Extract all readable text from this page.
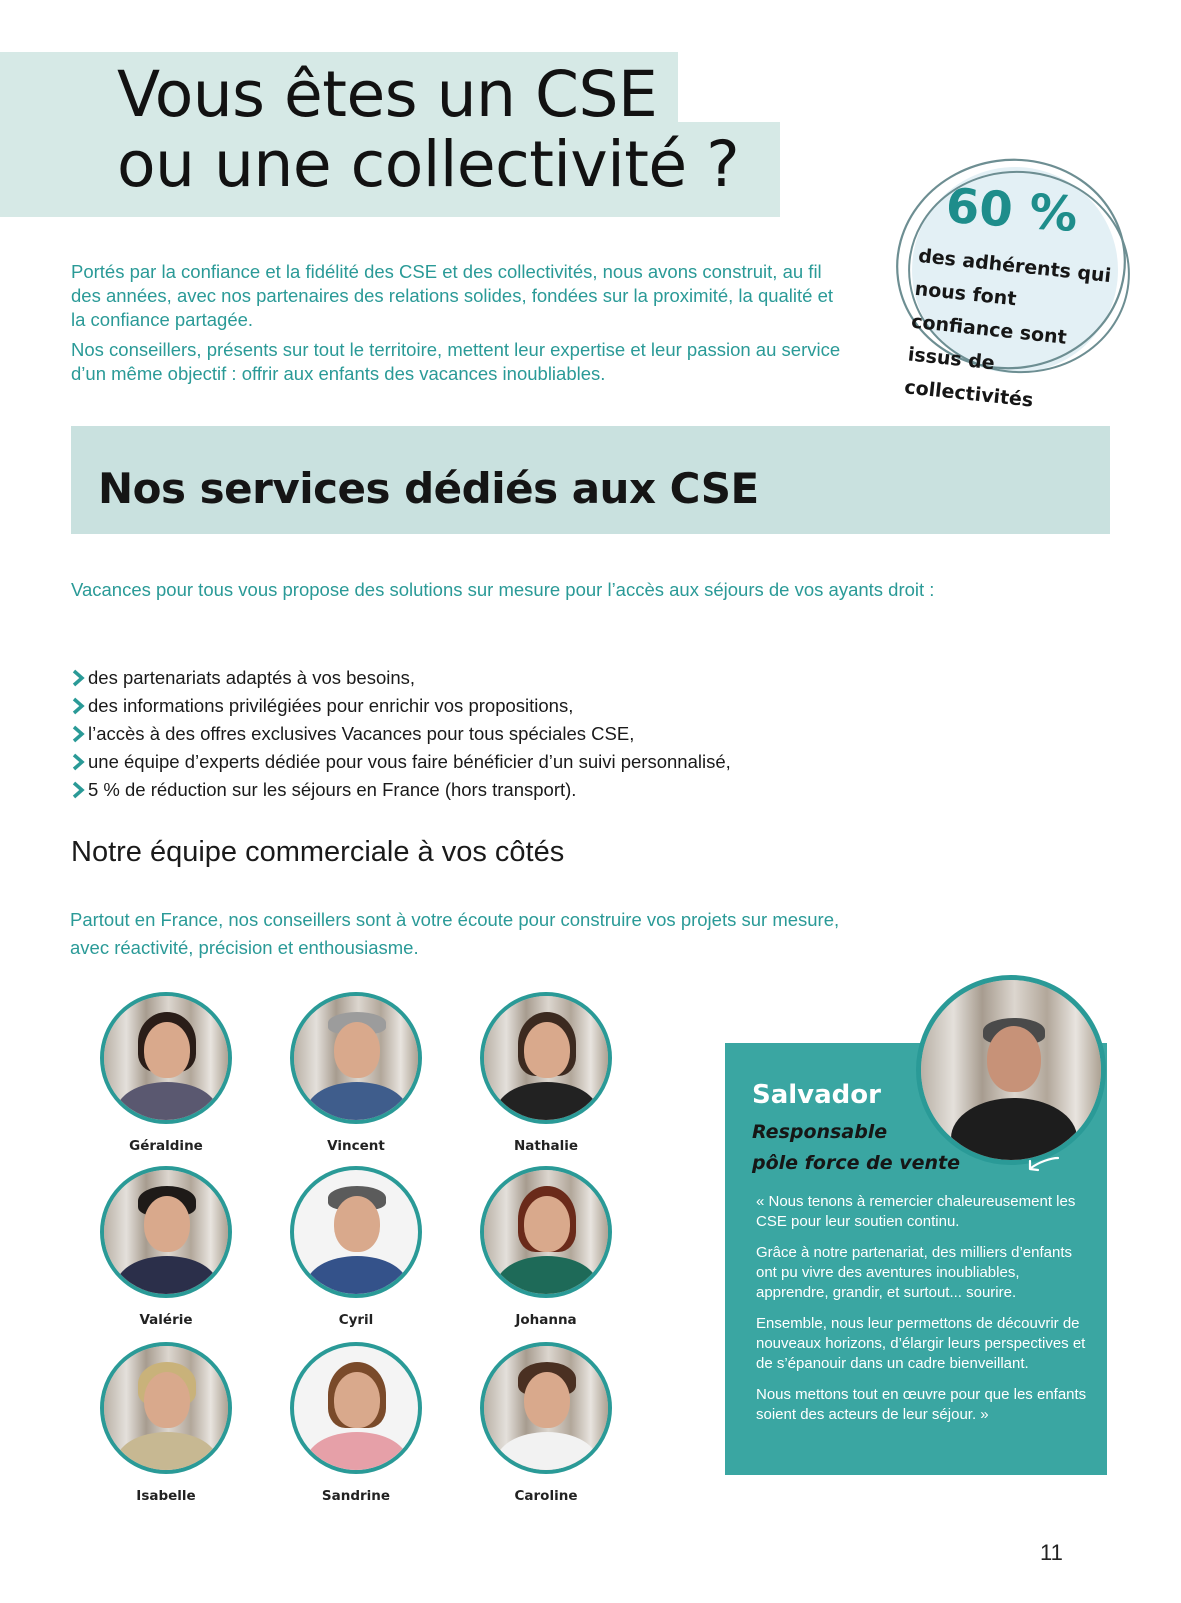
Vous êtes un CSE
ou une collectivité ?

Portés par la confiance et la fidélité des CSE et des collectivités, nous avons construit, au fil des années, avec nos partenaires des relations solides, fondées sur la proximité, la qualité et la confiance partagée.

Nos conseillers, présents sur tout le territoire, mettent leur expertise et leur passion au service d’un même objectif : offrir aux enfants des vacances inoubliables.

60 %
des adhérents qui nous font confiance sont issus de collectivités
Nos services dédiés aux CSE
Vacances pour tous vous propose des solutions sur mesure pour l’accès aux séjours de vos ayants droit :
des partenariats adaptés à vos besoins,
des informations privilégiées pour enrichir vos propositions,
l’accès à des offres exclusives Vacances pour tous spéciales CSE,
une équipe d’experts dédiée pour vous faire bénéficier d’un suivi personnalisé,
5 % de réduction sur les séjours en France (hors transport).
Notre équipe commerciale à vos côtés
Partout en France, nos conseillers sont à votre écoute pour construire vos projets sur mesure, avec réactivité, précision et enthousiasme.
Géraldine	Vincent	Nathalie
Valérie	Cyril	Johanna
Isabelle	Sandrine	Caroline
Salvador
Responsable
pôle force de vente

« Nous tenons à remercier chaleureusement les CSE pour leur soutien continu.

Grâce à notre partenariat, des milliers d’enfants ont pu vivre des aventures inoubliables, apprendre, grandir, et surtout... sourire.

Ensemble, nous leur permettons de découvrir de nouveaux horizons, d’élargir leurs perspectives et de s’épanouir dans un cadre bienveillant.

Nous mettons tout en œuvre pour que les enfants soient des acteurs de leur séjour. »

11
